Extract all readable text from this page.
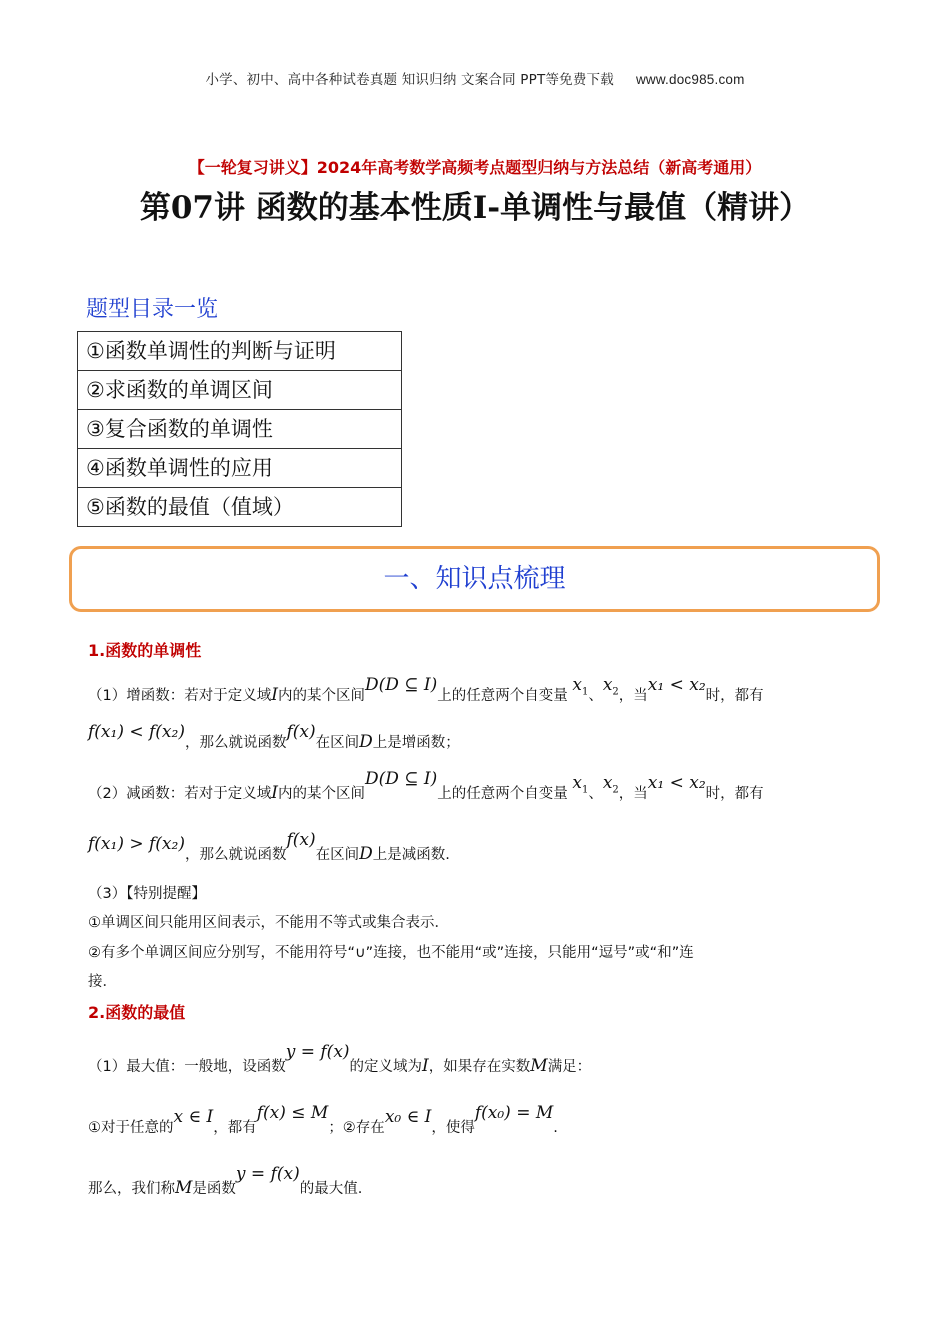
小学、初中、高中各种试卷真题 知识归纳 文案合同 PPT等免费下载 www.doc985.com
【一轮复习讲义】2024年高考数学高频考点题型归纳与方法总结（新高考通用）
第07讲 函数的基本性质Ⅰ-单调性与最值（精讲）
题型目录一览
①函数单调性的判断与证明
②求函数的单调区间
③复合函数的单调性
④函数单调性的应用
⑤函数的最值（值域）
一、知识点梳理
1.函数的单调性
（1）增函数：若对于定义域I内的某个区间D(D ⊆ I)上的任意两个自变量 $x_1$、$x_2$，当x₁ < x₂时，都有
f(x₁) < f(x₂)，那么就说函数f(x)在区间D上是增函数；
（2）减函数：若对于定义域I内的某个区间D(D ⊆ I)上的任意两个自变量 $x_1$、$x_2$，当x₁ < x₂时，都有
f(x₁) > f(x₂)，那么就说函数f(x)在区间D上是减函数.
（3）【特别提醒】
①单调区间只能用区间表示，不能用不等式或集合表示．
②有多个单调区间应分别写，不能用符号“∪”连接，也不能用“或”连接，只能用“逗号”或“和”连
接．
2.函数的最值
（1）最大值：一般地，设函数y = f(x)的定义域为I，如果存在实数M满足：
①对于任意的x ∈ I，都有f(x) ≤ M；②存在x₀ ∈ I，使得f(x₀) = M.
那么，我们称M是函数y = f(x)的最大值.
